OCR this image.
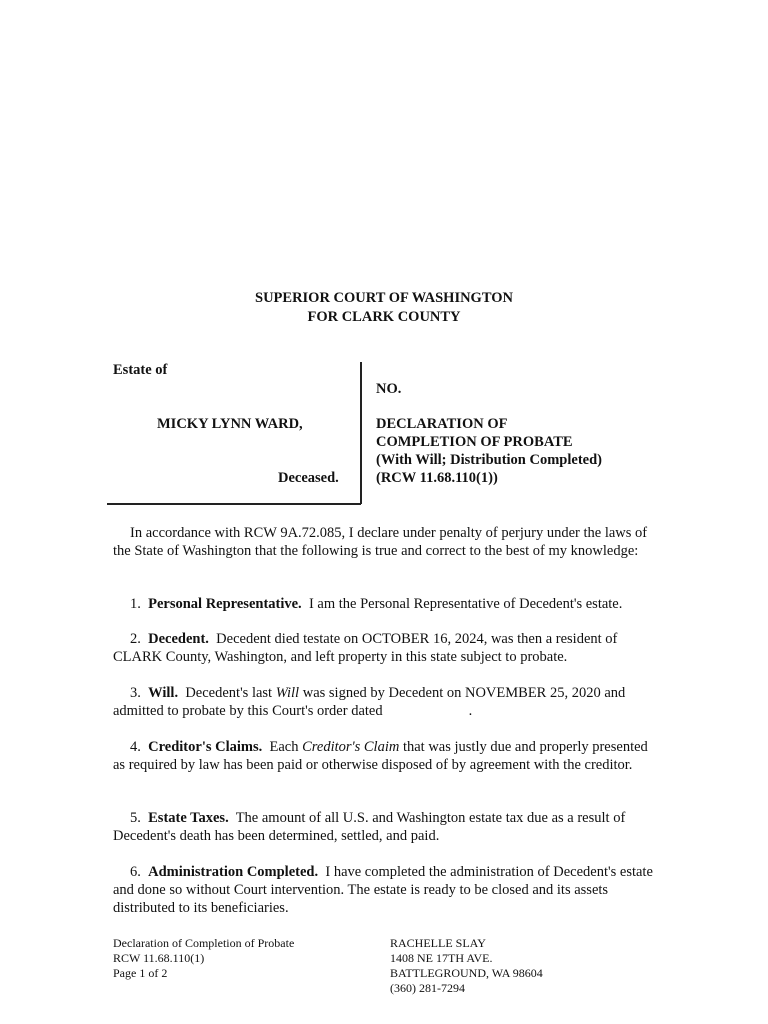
SUPERIOR COURT OF WASHINGTON
FOR CLARK COUNTY
Estate of
MICKY LYNN WARD,
Deceased.
NO.
DECLARATION OF
COMPLETION OF PROBATE
(With Will; Distribution Completed)
(RCW 11.68.110(1))
In accordance with RCW 9A.72.085, I declare under penalty of perjury under the laws of the State of Washington that the following is true and correct to the best of my knowledge:
1. Personal Representative. I am the Personal Representative of Decedent's estate.
2. Decedent. Decedent died testate on OCTOBER 16, 2024, was then a resident of CLARK County, Washington, and left property in this state subject to probate.
3. Will. Decedent's last Will was signed by Decedent on NOVEMBER 25, 2020 and admitted to probate by this Court's order dated	.
4. Creditor's Claims. Each Creditor's Claim that was justly due and properly presented as required by law has been paid or otherwise disposed of by agreement with the creditor.
5. Estate Taxes. The amount of all U.S. and Washington estate tax due as a result of Decedent's death has been determined, settled, and paid.
6. Administration Completed. I have completed the administration of Decedent's estate and done so without Court intervention. The estate is ready to be closed and its assets distributed to its beneficiaries.
Declaration of Completion of Probate
RCW 11.68.110(1)
Page 1 of 2
RACHELLE SLAY
1408 NE 17TH AVE.
BATTLEGROUND, WA 98604
(360) 281-7294
